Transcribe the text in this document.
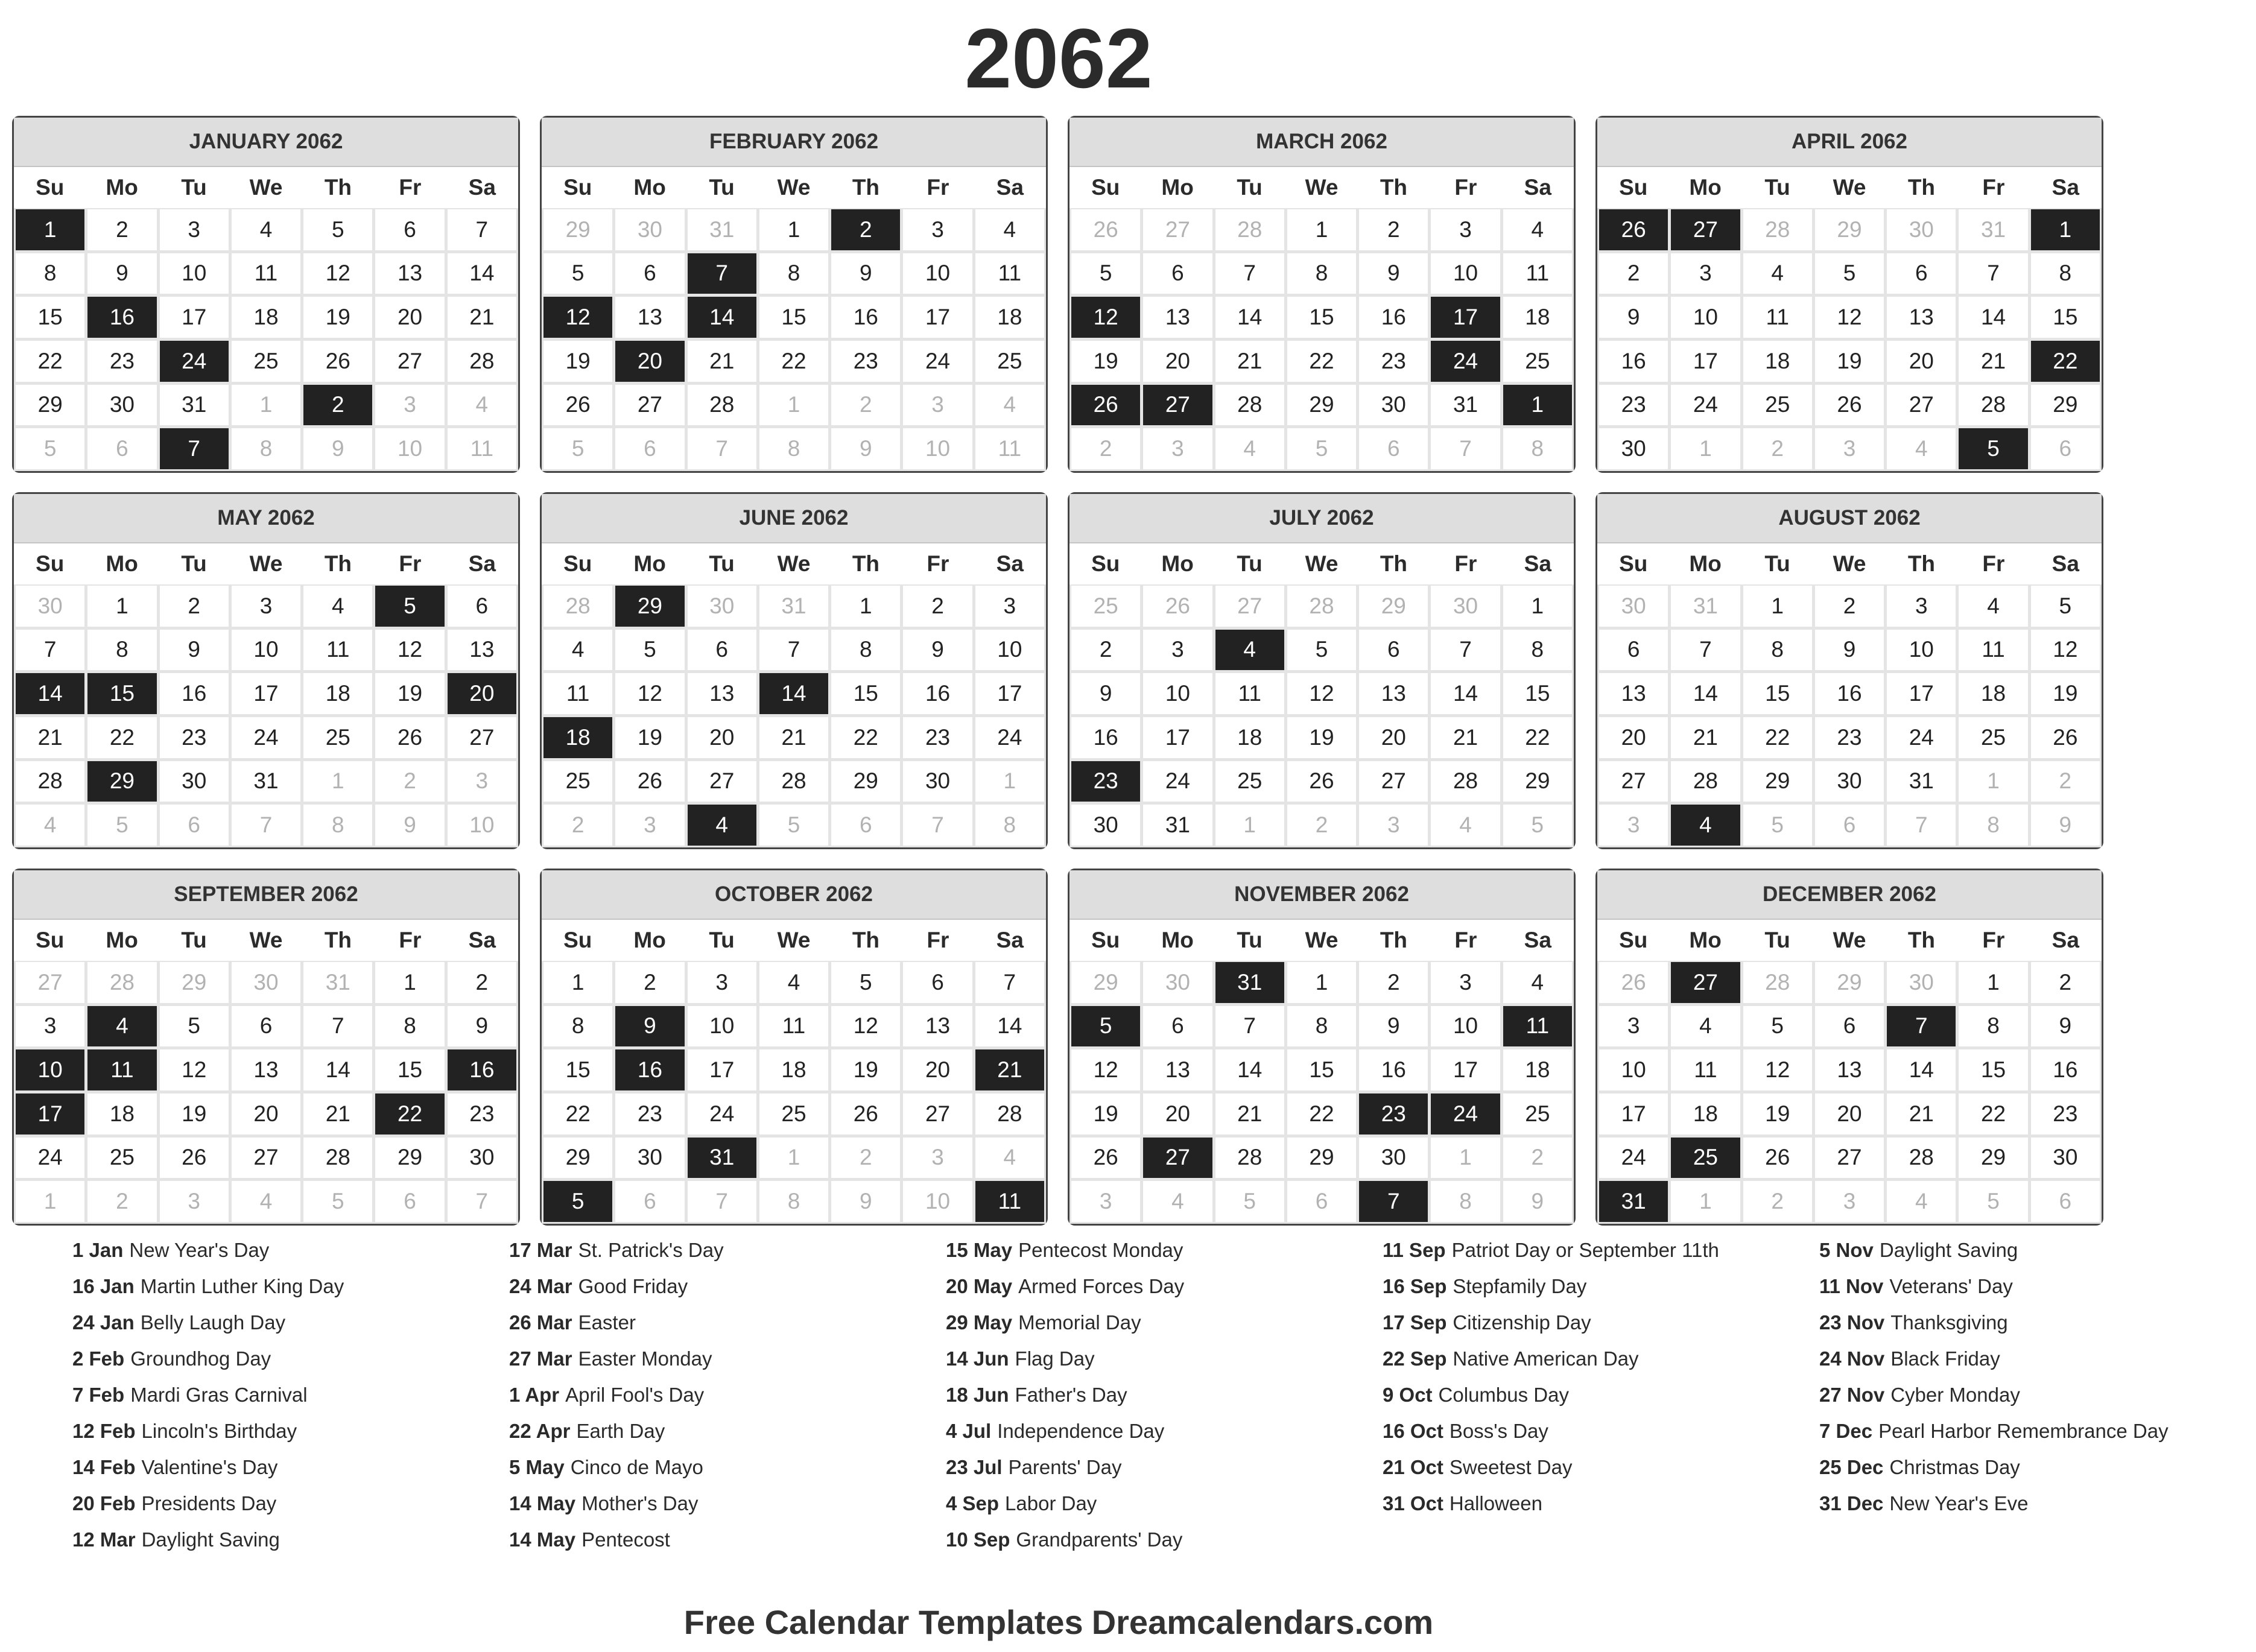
2062
JANUARY 2062
Su	Mo	Tu	We	Th	Fr	Sa
1	2	3	4	5	6	7
8	9	10	11	12	13	14
15	16	17	18	19	20	21
22	23	24	25	26	27	28
29	30	31	1	2	3	4
5	6	7	8	9	10	11
FEBRUARY 2062
Su	Mo	Tu	We	Th	Fr	Sa
29	30	31	1	2	3	4
5	6	7	8	9	10	11
12	13	14	15	16	17	18
19	20	21	22	23	24	25
26	27	28	1	2	3	4
5	6	7	8	9	10	11
MARCH 2062
Su	Mo	Tu	We	Th	Fr	Sa
26	27	28	1	2	3	4
5	6	7	8	9	10	11
12	13	14	15	16	17	18
19	20	21	22	23	24	25
26	27	28	29	30	31	1
2	3	4	5	6	7	8
APRIL 2062
Su	Mo	Tu	We	Th	Fr	Sa
26	27	28	29	30	31	1
2	3	4	5	6	7	8
9	10	11	12	13	14	15
16	17	18	19	20	21	22
23	24	25	26	27	28	29
30	1	2	3	4	5	6
MAY 2062
Su	Mo	Tu	We	Th	Fr	Sa
30	1	2	3	4	5	6
7	8	9	10	11	12	13
14	15	16	17	18	19	20
21	22	23	24	25	26	27
28	29	30	31	1	2	3
4	5	6	7	8	9	10
JUNE 2062
Su	Mo	Tu	We	Th	Fr	Sa
28	29	30	31	1	2	3
4	5	6	7	8	9	10
11	12	13	14	15	16	17
18	19	20	21	22	23	24
25	26	27	28	29	30	1
2	3	4	5	6	7	8
JULY 2062
Su	Mo	Tu	We	Th	Fr	Sa
25	26	27	28	29	30	1
2	3	4	5	6	7	8
9	10	11	12	13	14	15
16	17	18	19	20	21	22
23	24	25	26	27	28	29
30	31	1	2	3	4	5
AUGUST 2062
Su	Mo	Tu	We	Th	Fr	Sa
30	31	1	2	3	4	5
6	7	8	9	10	11	12
13	14	15	16	17	18	19
20	21	22	23	24	25	26
27	28	29	30	31	1	2
3	4	5	6	7	8	9
SEPTEMBER 2062
Su	Mo	Tu	We	Th	Fr	Sa
27	28	29	30	31	1	2
3	4	5	6	7	8	9
10	11	12	13	14	15	16
17	18	19	20	21	22	23
24	25	26	27	28	29	30
1	2	3	4	5	6	7
OCTOBER 2062
Su	Mo	Tu	We	Th	Fr	Sa
1	2	3	4	5	6	7
8	9	10	11	12	13	14
15	16	17	18	19	20	21
22	23	24	25	26	27	28
29	30	31	1	2	3	4
5	6	7	8	9	10	11
NOVEMBER 2062
Su	Mo	Tu	We	Th	Fr	Sa
29	30	31	1	2	3	4
5	6	7	8	9	10	11
12	13	14	15	16	17	18
19	20	21	22	23	24	25
26	27	28	29	30	1	2
3	4	5	6	7	8	9
DECEMBER 2062
Su	Mo	Tu	We	Th	Fr	Sa
26	27	28	29	30	1	2
3	4	5	6	7	8	9
10	11	12	13	14	15	16
17	18	19	20	21	22	23
24	25	26	27	28	29	30
31	1	2	3	4	5	6
1 Jan New Year's Day
16 Jan Martin Luther King Day
24 Jan Belly Laugh Day
2 Feb Groundhog Day
7 Feb Mardi Gras Carnival
12 Feb Lincoln's Birthday
14 Feb Valentine's Day
20 Feb Presidents Day
12 Mar Daylight Saving
17 Mar St. Patrick's Day
24 Mar Good Friday
26 Mar Easter
27 Mar Easter Monday
1 Apr April Fool's Day
22 Apr Earth Day
5 May Cinco de Mayo
14 May Mother's Day
14 May Pentecost
15 May Pentecost Monday
20 May Armed Forces Day
29 May Memorial Day
14 Jun Flag Day
18 Jun Father's Day
4 Jul Independence Day
23 Jul Parents' Day
4 Sep Labor Day
10 Sep Grandparents' Day
11 Sep Patriot Day or September 11th
16 Sep Stepfamily Day
17 Sep Citizenship Day
22 Sep Native American Day
9 Oct Columbus Day
16 Oct Boss's Day
21 Oct Sweetest Day
31 Oct Halloween
5 Nov Daylight Saving
11 Nov Veterans' Day
23 Nov Thanksgiving
24 Nov Black Friday
27 Nov Cyber Monday
7 Dec Pearl Harbor Remembrance Day
25 Dec Christmas Day
31 Dec New Year's Eve
Free Calendar Templates Dreamcalendars.com
